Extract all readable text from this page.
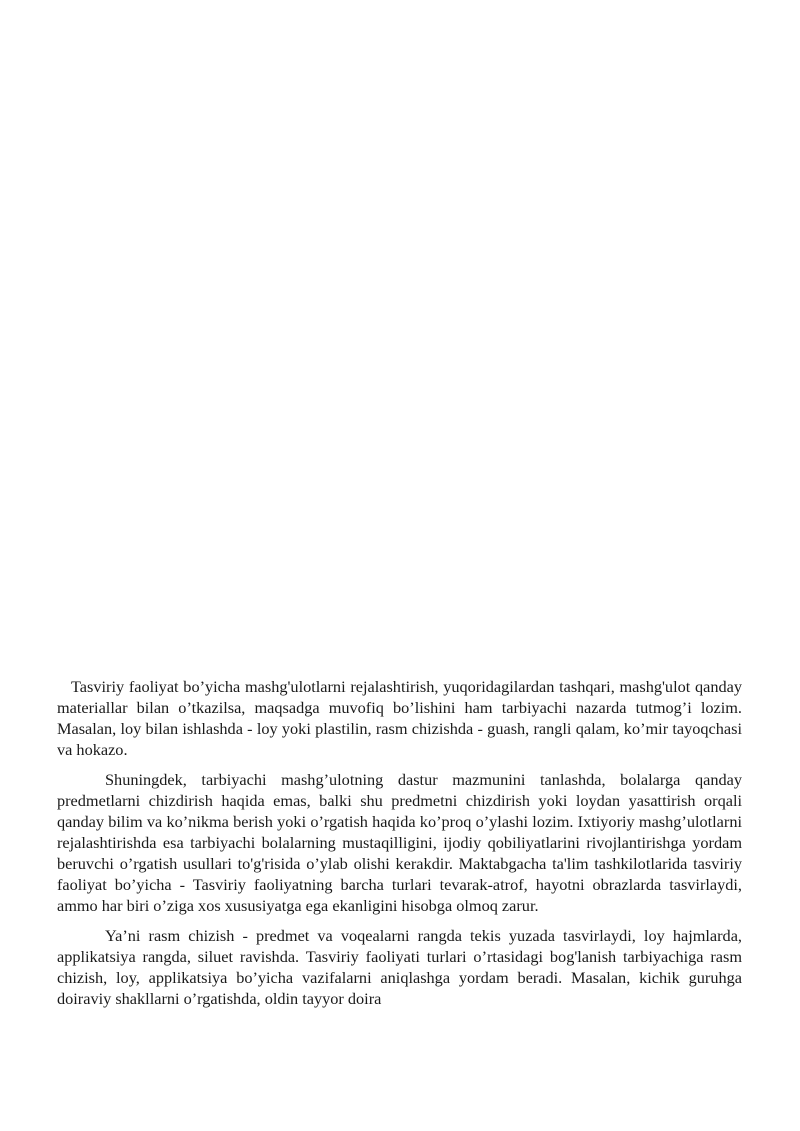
Tasviriy faoliyat bo’yicha mashg'ulotlarni rejalashtirish, yuqoridagilardan tashqari, mashg'ulot qanday materiallar bilan o’tkazilsa, maqsadga muvofiq bo’lishini ham tarbiyachi nazarda tutmog’i lozim. Masalan, loy bilan ishlashda - loy yoki plastilin, rasm chizishda - guash, rangli qalam, ko’mir tayoqchasi va hokazo.

Shuningdek, tarbiyachi mashg’ulotning dastur mazmunini tanlashda, bolalarga qanday predmetlarni chizdirish haqida emas, balki shu predmetni chizdirish yoki loydan yasattirish orqali qanday bilim va ko’nikma berish yoki o’rgatish haqida ko’proq o’ylashi lozim. Ixtiyoriy mashg’ulotlarni rejalashtirishda esa tarbiyachi bolalarning mustaqilligini, ijodiy qobiliyatlarini rivojlantirishga yordam beruvchi o’rgatish usullari to'g'risida o’ylab olishi kerakdir. Maktabgacha ta'lim tashkilotlarida tasviriy faoliyat bo’yicha - Tasviriy faoliyatning barcha turlari tevarak-atrof, hayotni obrazlarda tasvirlaydi, ammo har biri o’ziga xos xususiyatga ega ekanligini hisobga olmoq zarur.

Ya’ni rasm chizish - predmet va voqealarni rangda tekis yuzada tasvirlaydi, loy hajmlarda, applikatsiya rangda, siluet ravishda. Tasviriy faoliyati turlari o’rtasidagi bog'lanish tarbiyachiga rasm chizish, loy, applikatsiya bo’yicha vazifalarni aniqlashga yordam beradi. Masalan, kichik guruhga doiraviy shakllarni o’rgatishda, oldin tayyor doira
